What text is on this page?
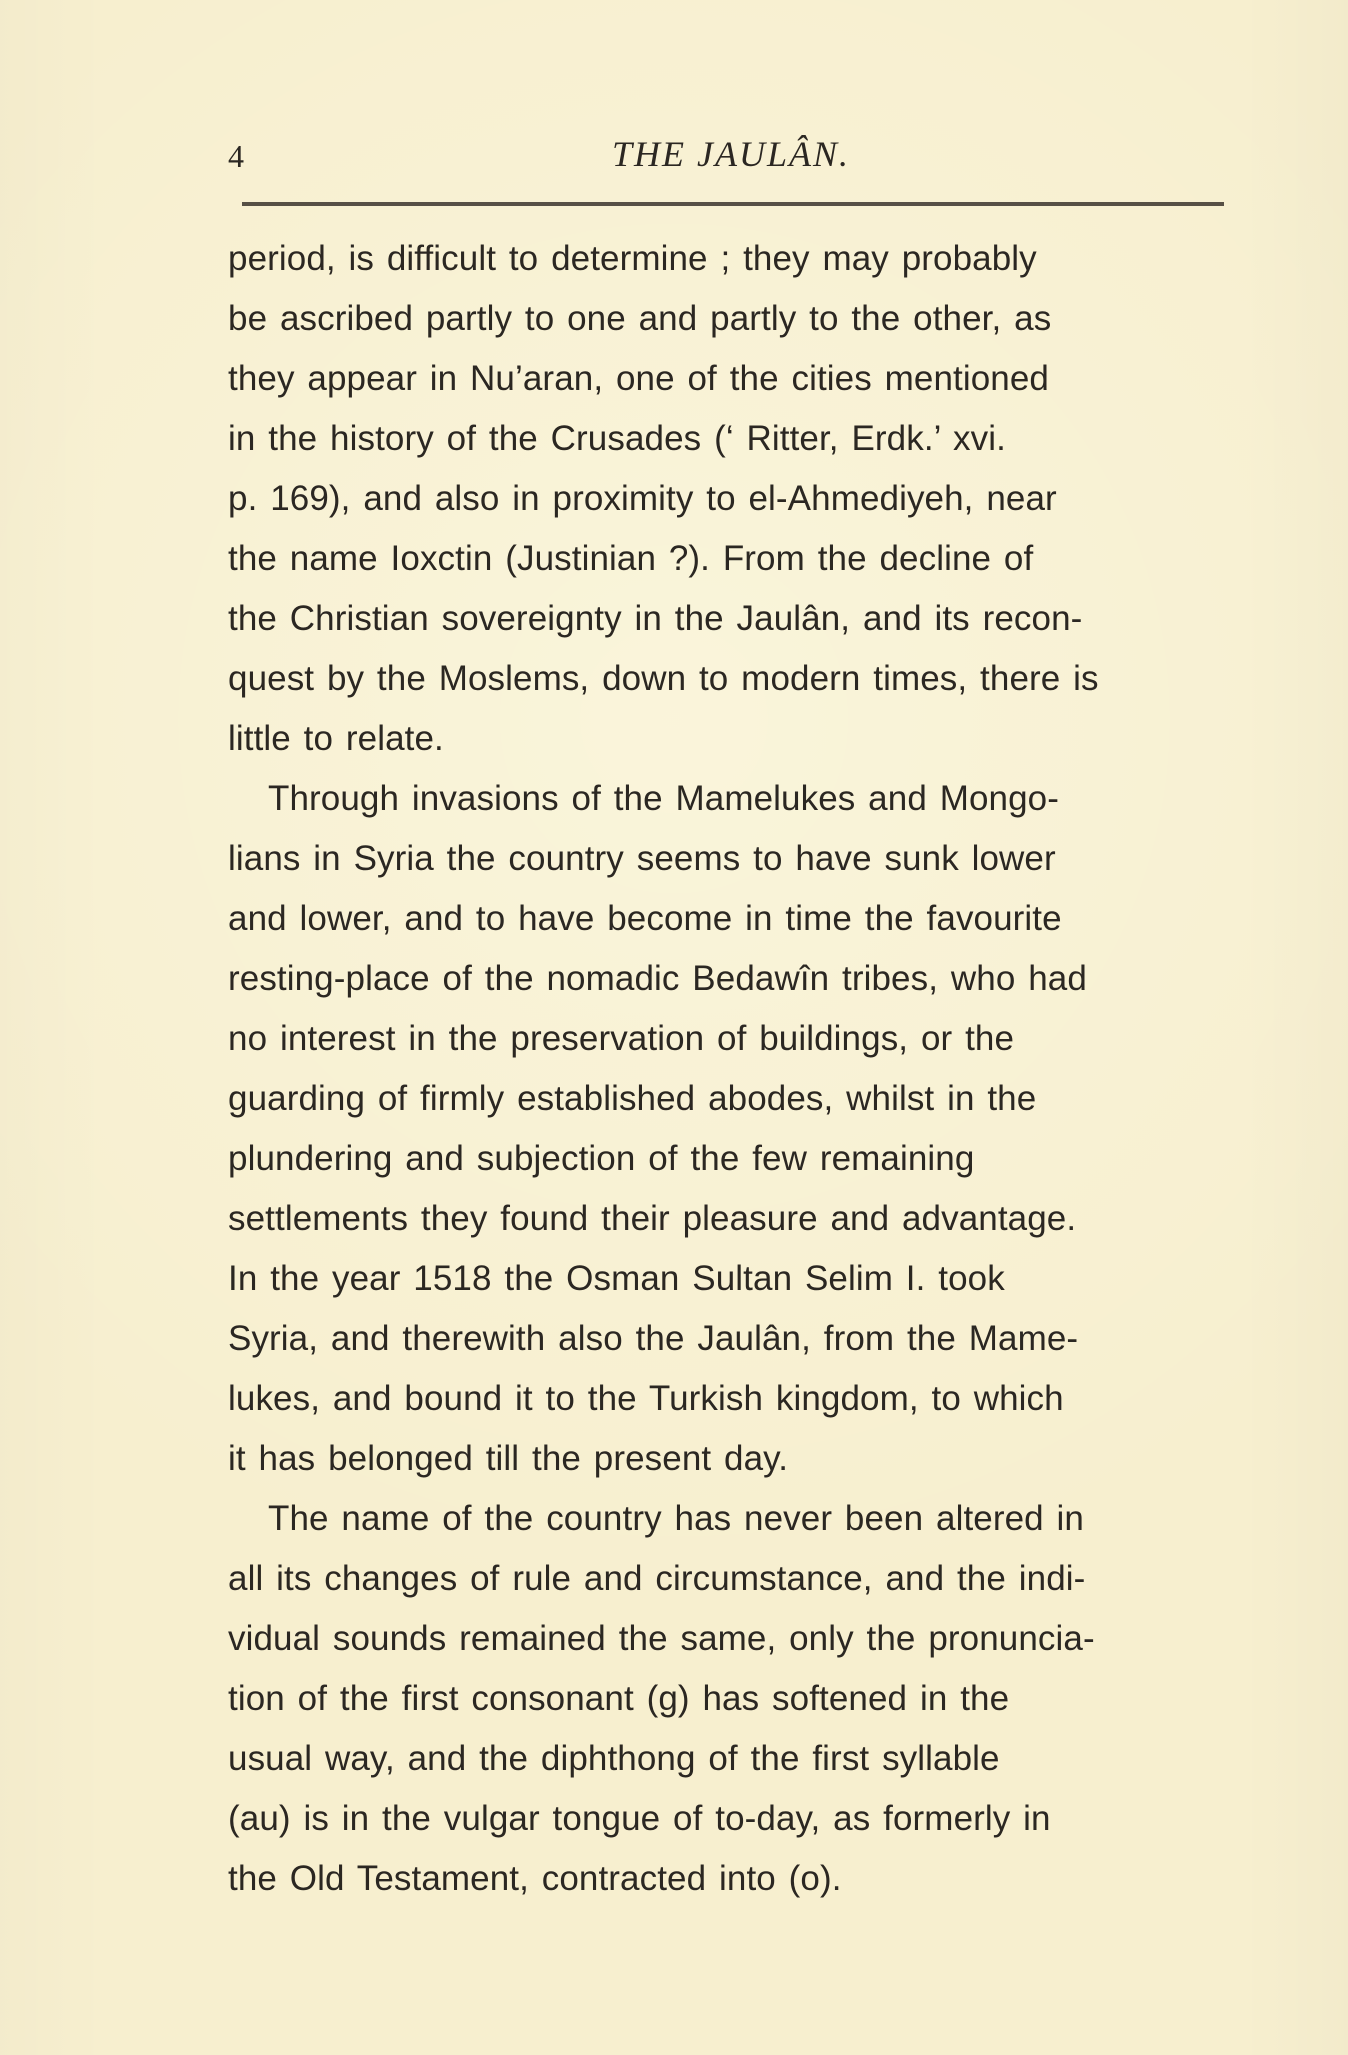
4	THE JAULÂN.
period, is difficult to determine ; they may probably
be ascribed partly to one and partly to the other, as
they appear in Nu’aran, one of the cities mentioned
in the history of the Crusades (‘ Ritter, Erdk.’ xvi.
p. 169), and also in proximity to el-Ahmediyeh, near
the name Ioxctin (Justinian ?). From the decline of
the Christian sovereignty in the Jaulân, and its recon-
quest by the Moslems, down to modern times, there is
little to relate.
Through invasions of the Mamelukes and Mongo-
lians in Syria the country seems to have sunk lower
and lower, and to have become in time the favourite
resting-place of the nomadic Bedawîn tribes, who had
no interest in the preservation of buildings, or the
guarding of firmly established abodes, whilst in the
plundering and subjection of the few remaining
settlements they found their pleasure and advantage.
In the year 1518 the Osman Sultan Selim I. took
Syria, and therewith also the Jaulân, from the Mame-
lukes, and bound it to the Turkish kingdom, to which
it has belonged till the present day.
The name of the country has never been altered in
all its changes of rule and circumstance, and the indi-
vidual sounds remained the same, only the pronuncia-
tion of the first consonant (g) has softened in the
usual way, and the diphthong of the first syllable
(au) is in the vulgar tongue of to-day, as formerly in
the Old Testament, contracted into (o).
